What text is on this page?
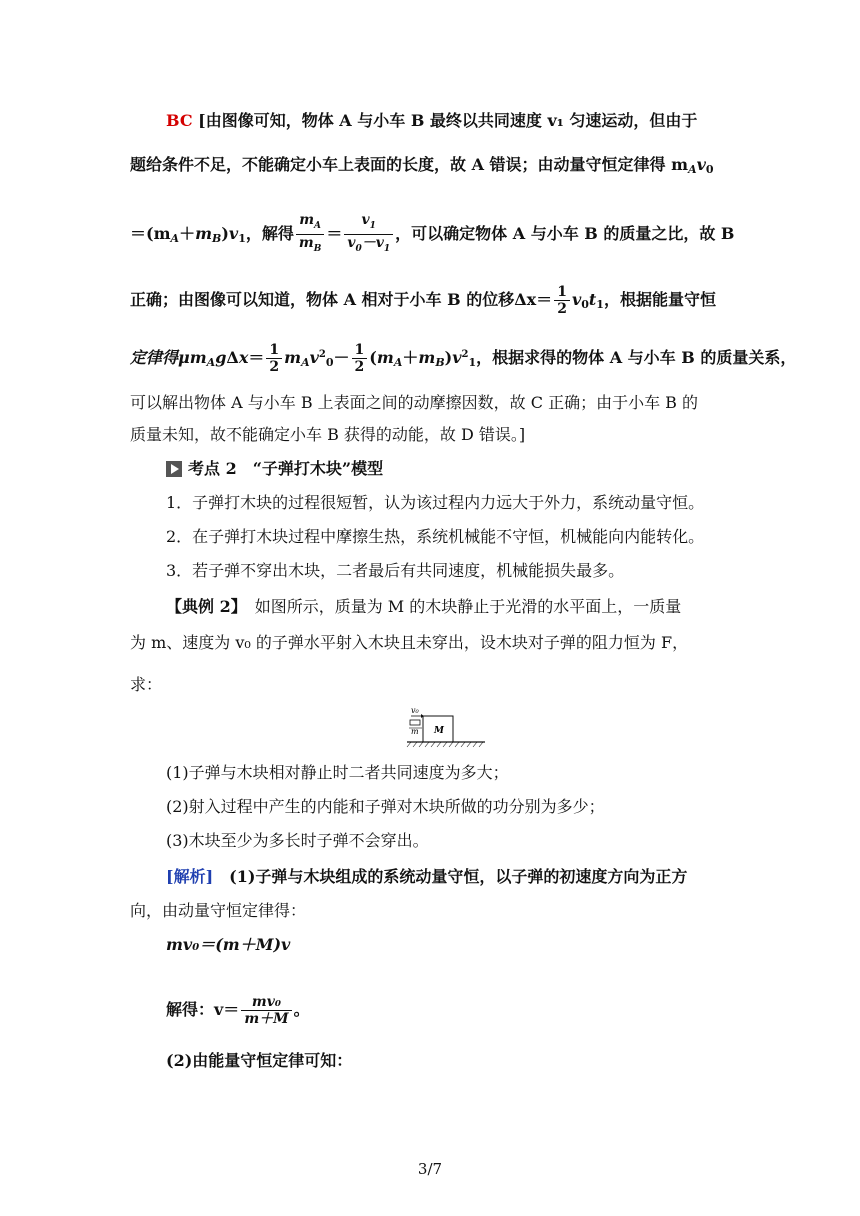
BC [由图像可知，物体 A 与小车 B 最终以共同速度 v₁ 匀速运动，但由于
题给条件不足，不能确定小车上表面的长度，故 A 错误；由动量守恒定律得 mAv0
＝(mA＋mB)v1，解得 $\frac{m_A}{m_B} = \frac{v_1}{v_0-v_1}$ ，可以确定物体 A 与小车 B 的质量之比，故 B
正确；由图像可以知道，物体 A 相对于小车 B 的位移$\Delta x= \frac{1}{2} v0t1$，根据能量守恒
定律得$\mu mAg\Delta x= \frac{1}{2} mAv^20- \frac{1}{2} (mA+mB)v^21$，根据求得的物体 A 与小车 B 的质量关系，
可以解出物体 A 与小车 B 上表面之间的动摩擦因数，故 C 正确；由于小车 B 的
质量未知，故不能确定小车 B 获得的动能，故 D 错误。]
考点 2　“子弹打木块”模型
1．子弹打木块的过程很短暂，认为该过程内力远大于外力，系统动量守恒。
2．在子弹打木块过程中摩擦生热，系统机械能不守恒，机械能向内能转化。
3．若子弹不穿出木块，二者最后有共同速度，机械能损失最多。
【典例 2】　如图所示，质量为 M 的木块静止于光滑的水平面上，一质量
为 m、速度为 v₀ 的子弹水平射入木块且未穿出，设木块对子弹的阻力恒为 F，
求：
v₀
m M
(1)子弹与木块相对静止时二者共同速度为多大；
(2)射入过程中产生的内能和子弹对木块所做的功分别为多少；
(3)木块至少为多长时子弹不会穿出。
[解析]　(1)子弹与木块组成的系统动量守恒，以子弹的初速度方向为正方
向，由动量守恒定律得：
mv₀＝(m＋M)v
解得：$v= \frac{\text{mv₀}}{m+M}$ 。
(2)由能量守恒定律可知：
3/7
